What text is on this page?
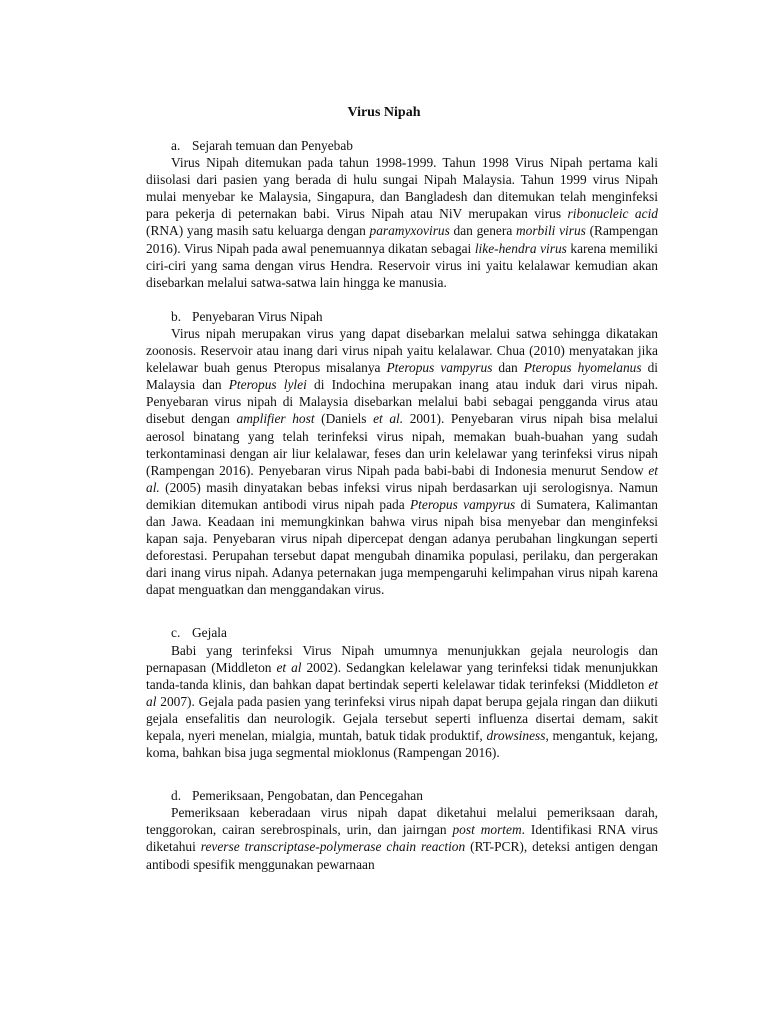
Virus Nipah

a. Sejarah temuan dan Penyebab

Virus Nipah ditemukan pada tahun 1998-1999. Tahun 1998 Virus Nipah pertama kali diisolasi dari pasien yang berada di hulu sungai Nipah Malaysia. Tahun 1999 virus Nipah mulai menyebar ke Malaysia, Singapura, dan Bangladesh dan ditemukan telah menginfeksi para pekerja di peternakan babi. Virus Nipah atau NiV merupakan virus ribonucleic acid (RNA) yang masih satu keluarga dengan paramyxovirus dan genera morbili virus (Rampengan 2016). Virus Nipah pada awal penemuannya dikatan sebagai like-hendra virus karena memiliki ciri-ciri yang sama dengan virus Hendra. Reservoir virus ini yaitu kelalawar kemudian akan disebarkan melalui satwa-satwa lain hingga ke manusia.

b. Penyebaran Virus Nipah

Virus nipah merupakan virus yang dapat disebarkan melalui satwa sehingga dikatakan zoonosis. Reservoir atau inang dari virus nipah yaitu kelalawar. Chua (2010) menyatakan jika kelelawar buah genus Pteropus misalanya Pteropus vampyrus dan Pteropus hyomelanus di Malaysia dan Pteropus lylei di Indochina merupakan inang atau induk dari virus nipah. Penyebaran virus nipah di Malaysia disebarkan melalui babi sebagai pengganda virus atau disebut dengan amplifier host (Daniels et al. 2001). Penyebaran virus nipah bisa melalui aerosol binatang yang telah terinfeksi virus nipah, memakan buah-buahan yang sudah terkontaminasi dengan air liur kelalawar, feses dan urin kelelawar yang terinfeksi virus nipah (Rampengan 2016). Penyebaran virus Nipah pada babi-babi di Indonesia menurut Sendow et al. (2005) masih dinyatakan bebas infeksi virus nipah berdasarkan uji serologisnya. Namun demikian ditemukan antibodi virus nipah pada Pteropus vampyrus di Sumatera, Kalimantan dan Jawa. Keadaan ini memungkinkan bahwa virus nipah bisa menyebar dan menginfeksi kapan saja. Penyebaran virus nipah dipercepat dengan adanya perubahan lingkungan seperti deforestasi. Perupahan tersebut dapat mengubah dinamika populasi, perilaku, dan pergerakan dari inang virus nipah. Adanya peternakan juga mempengaruhi kelimpahan virus nipah karena dapat menguatkan dan menggandakan virus.

c. Gejala

Babi yang terinfeksi Virus Nipah umumnya menunjukkan gejala neurologis dan pernapasan (Middleton et al 2002). Sedangkan kelelawar yang terinfeksi tidak menunjukkan tanda-tanda klinis, dan bahkan dapat bertindak seperti kelelawar tidak terinfeksi (Middleton et al 2007). Gejala pada pasien yang terinfeksi virus nipah dapat berupa gejala ringan dan diikuti gejala ensefalitis dan neurologik. Gejala tersebut seperti influenza disertai demam, sakit kepala, nyeri menelan, mialgia, muntah, batuk tidak produktif, drowsiness, mengantuk, kejang, koma, bahkan bisa juga segmental mioklonus (Rampengan 2016).

d. Pemeriksaan, Pengobatan, dan Pencegahan

Pemeriksaan keberadaan virus nipah dapat diketahui melalui pemeriksaan darah, tenggorokan, cairan serebrospinals, urin, dan jairngan post mortem. Identifikasi RNA virus diketahui reverse transcriptase-polymerase chain reaction (RT-PCR), deteksi antigen dengan antibodi spesifik menggunakan pewarnaan
